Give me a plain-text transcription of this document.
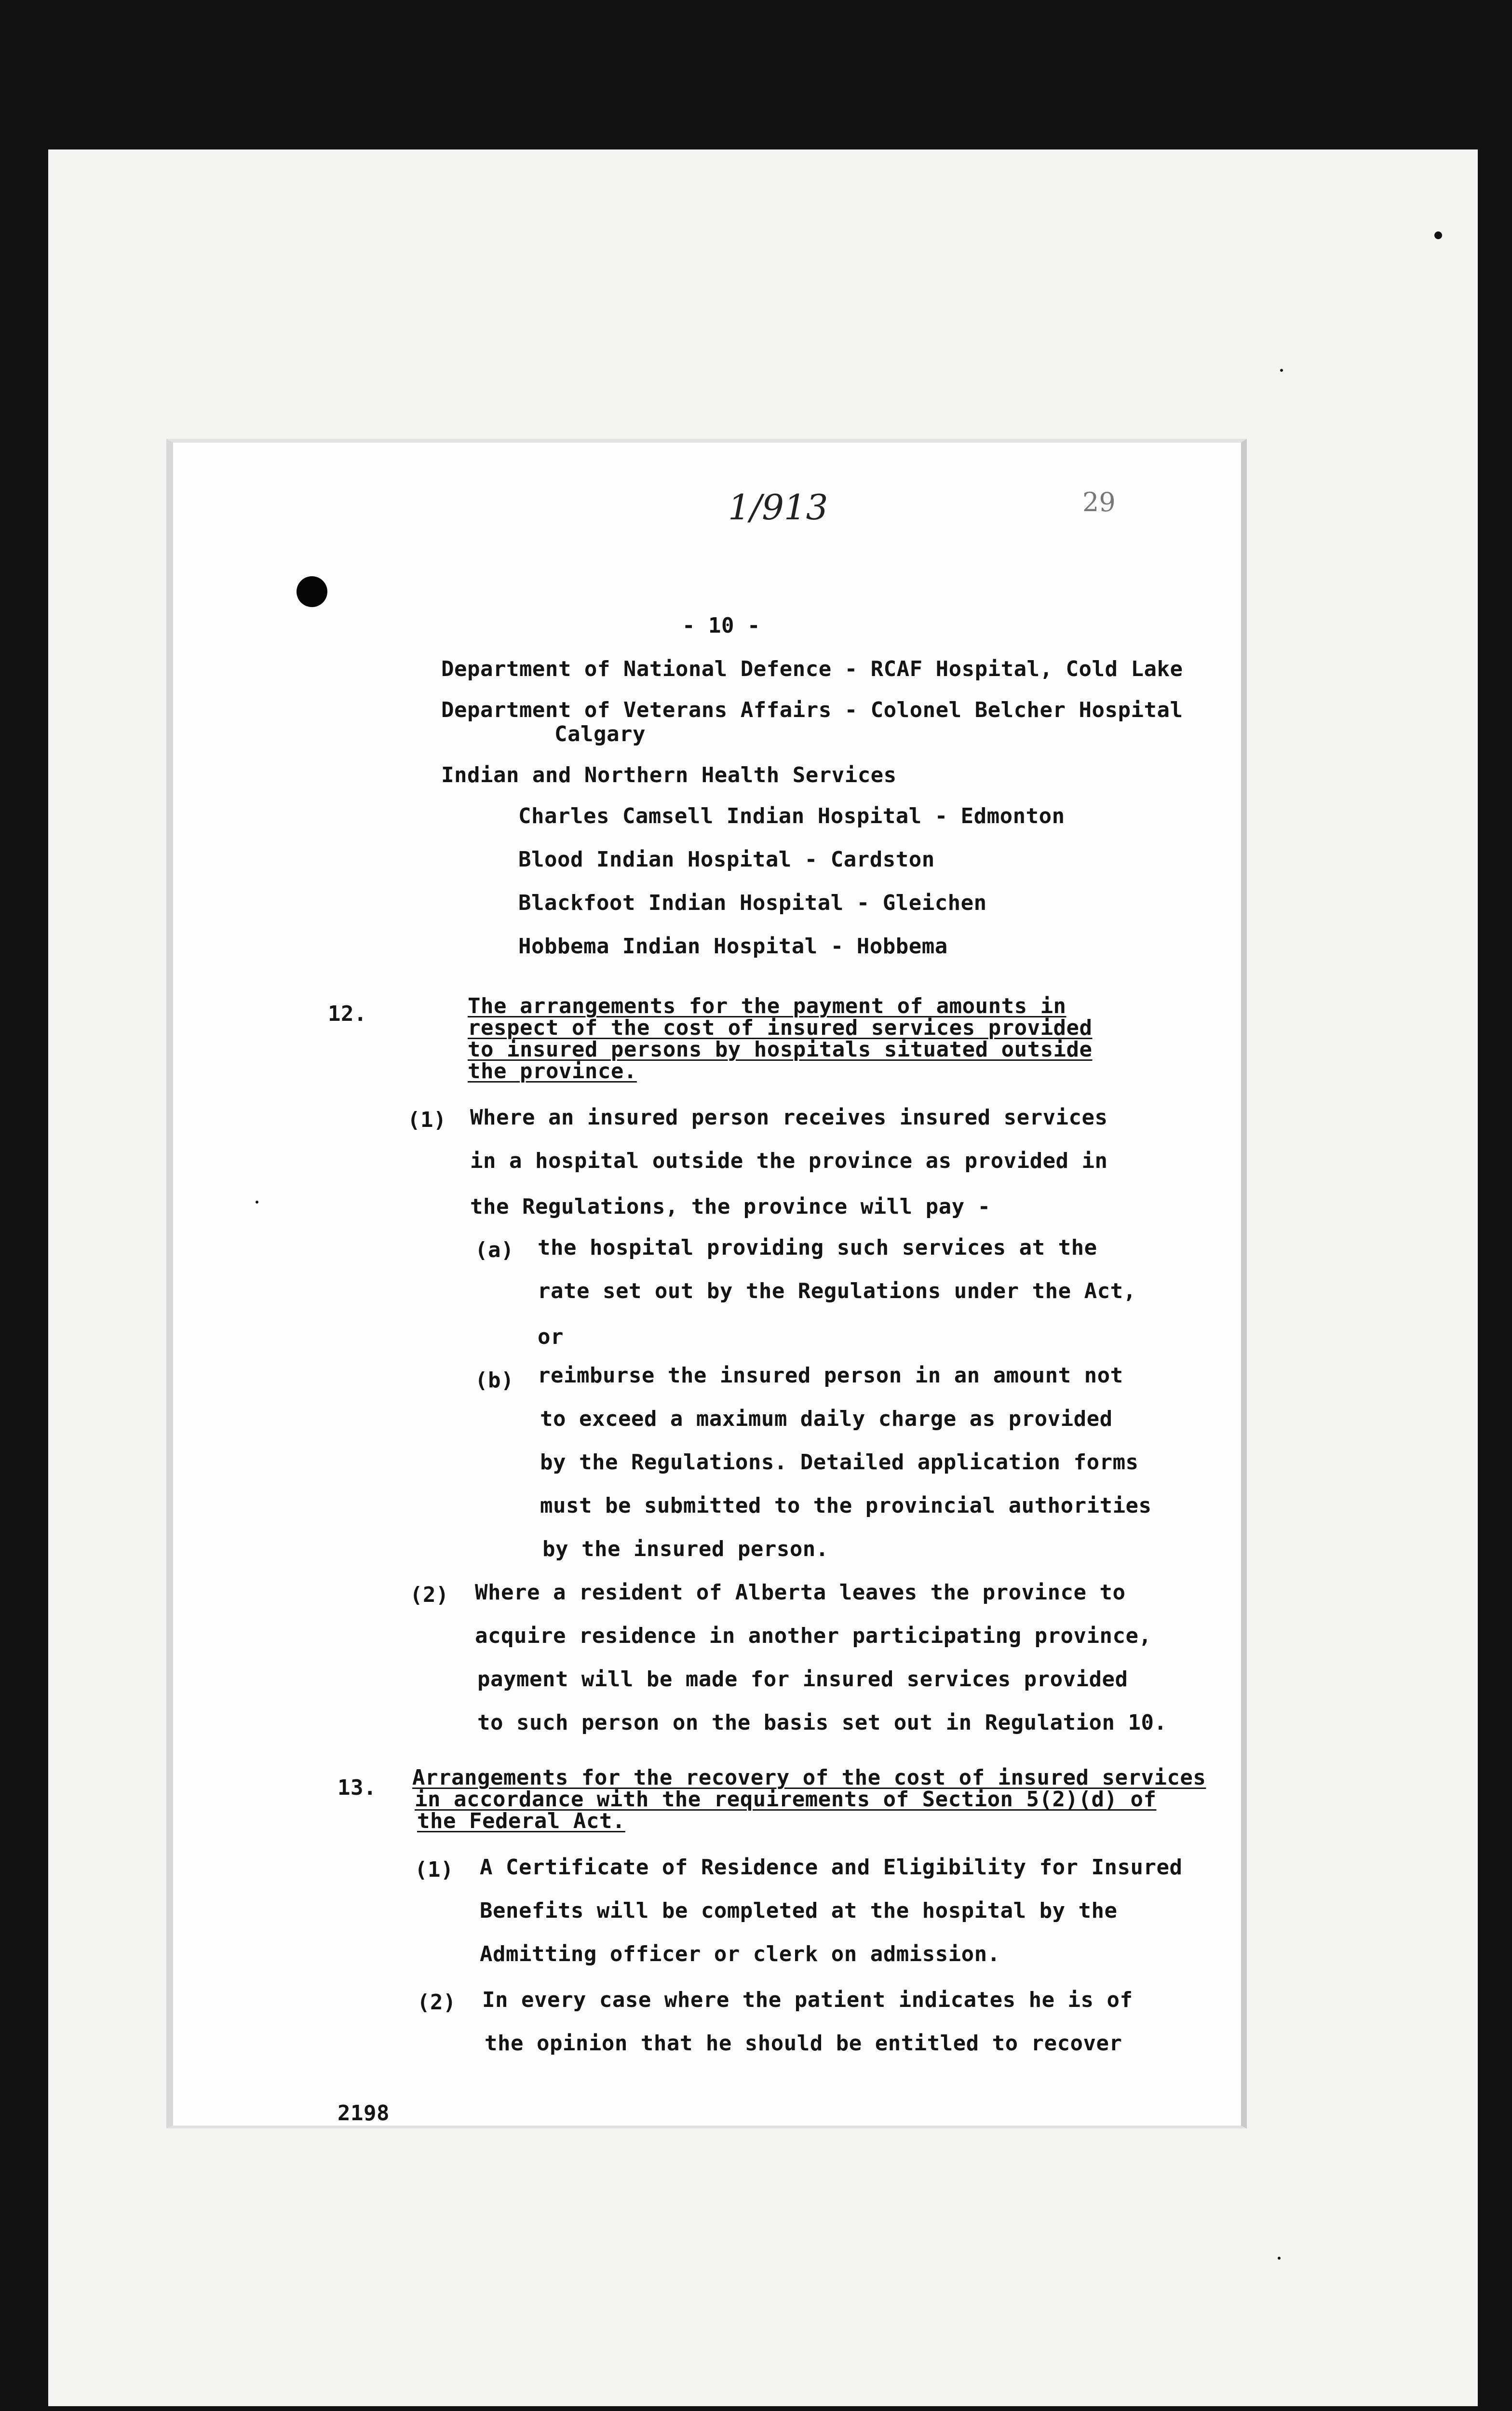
1/913	29

- 10 -

Department of National Defence - RCAF Hospital, Cold Lake

Department of Veterans Affairs - Colonel Belcher Hospital

Calgary

Indian and Northern Health Services

Charles Camsell Indian Hospital - Edmonton

Blood Indian Hospital - Cardston

Blackfoot Indian Hospital - Gleichen

Hobbema Indian Hospital - Hobbema

12.	The arrangements for the payment of amounts in

respect of the cost of insured services provided

to insured persons by hospitals situated outside

the province.

(1) Where an insured person receives insured services

in a hospital outside the province as provided in

the Regulations, the province will pay -

(a) the hospital providing such services at the

rate set out by the Regulations under the Act,

or

(b) reimburse the insured person in an amount not

to exceed a maximum daily charge as provided

by the Regulations. Detailed application forms

must be submitted to the provincial authorities

by the insured person.

(2) Where a resident of Alberta leaves the province to

acquire residence in another participating province,

payment will be made for insured services provided

to such person on the basis set out in Regulation 10.

13. Arrangements for the recovery of the cost of insured services

in accordance with the requirements of Section 5(2)(d) of

the Federal Act.

(1) A Certificate of Residence and Eligibility for Insured

Benefits will be completed at the hospital by the

Admitting officer or clerk on admission.

(2) In every case where the patient indicates he is of

the opinion that he should be entitled to recover

2198
